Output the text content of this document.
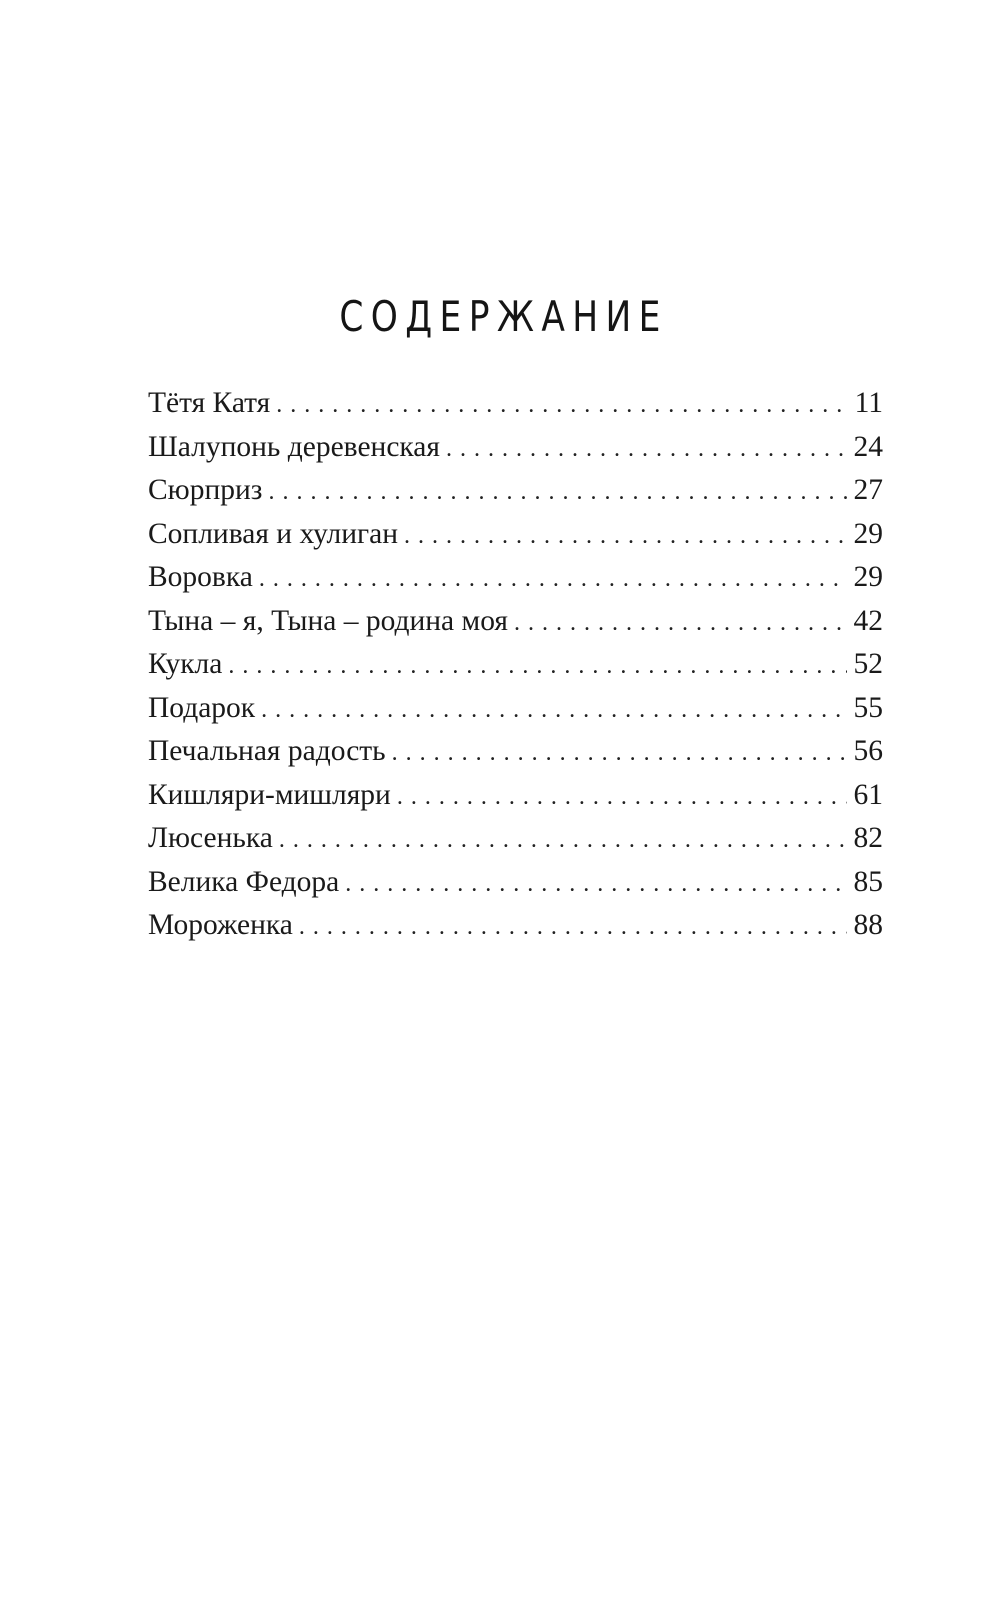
СОДЕРЖАНИЕ
Тётя Катя . . .	11
Шалупонь деревенская . . .	24
Сюрприз . . .	27
Сопливая и хулиган . . .	29
Воровка . . .	29
Тына – я, Тына – родина моя . . .	42
Кукла . . .	52
Подарок . . .	55
Печальная радость . . .	56
Кишляри-мишляри . . .	61
Люсенька . . .	82
Велика Федора . . .	85
Мороженка . . .	88
